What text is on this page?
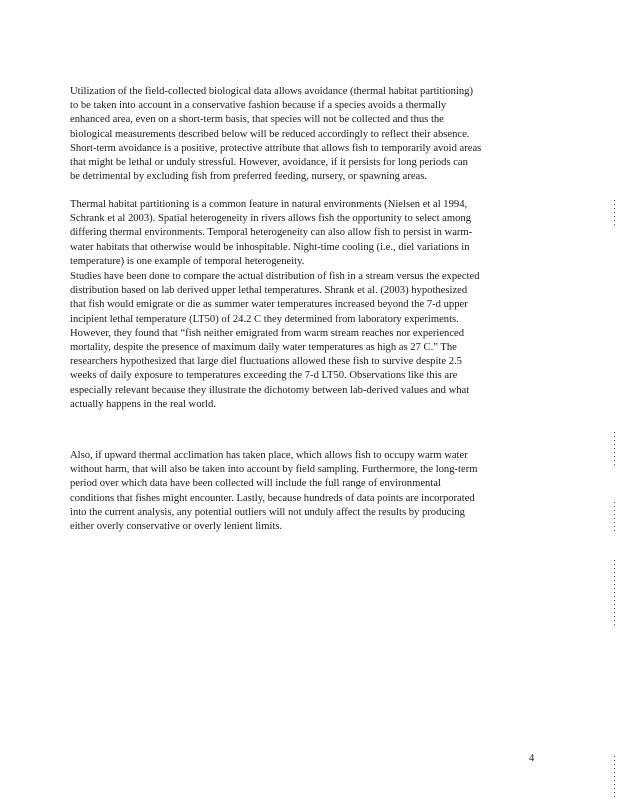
Utilization of the field-collected biological data allows avoidance (thermal habitat partitioning)
to be taken into account in a conservative fashion because if a species avoids a thermally
enhanced area, even on a short-term basis, that species will not be collected and thus the
biological measurements described below will be reduced accordingly to reflect their absence.
Short-term avoidance is a positive, protective attribute that allows fish to temporarily avoid areas
that might be lethal or unduly stressful. However, avoidance, if it persists for long periods can
be detrimental by excluding fish from preferred feeding, nursery, or spawning areas.
Thermal habitat partitioning is a common feature in natural environments (Nielsen et al 1994,
Schrank et al 2003). Spatial heterogeneity in rivers allows fish the opportunity to select among
differing thermal environments. Temporal heterogeneity can also allow fish to persist in warm-
water habitats that otherwise would be inhospitable. Night-time cooling (i.e., diel variations in
temperature) is one example of temporal heterogeneity.
Studies have been done to compare the actual distribution of fish in a stream versus the expected
distribution based on lab derived upper lethal temperatures. Shrank et al. (2003) hypothesized
that fish would emigrate or die as summer water temperatures increased beyond the 7-d upper
incipient lethal temperature (LT50) of 24.2 C they determined from laboratory experiments.
However, they found that “fish neither emigrated from warm stream reaches nor experienced
mortality, despite the presence of maximum daily water temperatures as high as 27 C.” The
researchers hypothesized that large diel fluctuations allowed these fish to survive despite 2.5
weeks of daily exposure to temperatures exceeding the 7-d LT50. Observations like this are
especially relevant because they illustrate the dichotomy between lab-derived values and what
actually happens in the real world.
Also, if upward thermal acclimation has taken place, which allows fish to occupy warm water
without harm, that will also be taken into account by field sampling. Furthermore, the long-term
period over which data have been collected will include the full range of environmental
conditions that fishes might encounter. Lastly, because hundreds of data points are incorporated
into the current analysis, any potential outliers will not unduly affect the results by producing
either overly conservative or overly lenient limits.
4
